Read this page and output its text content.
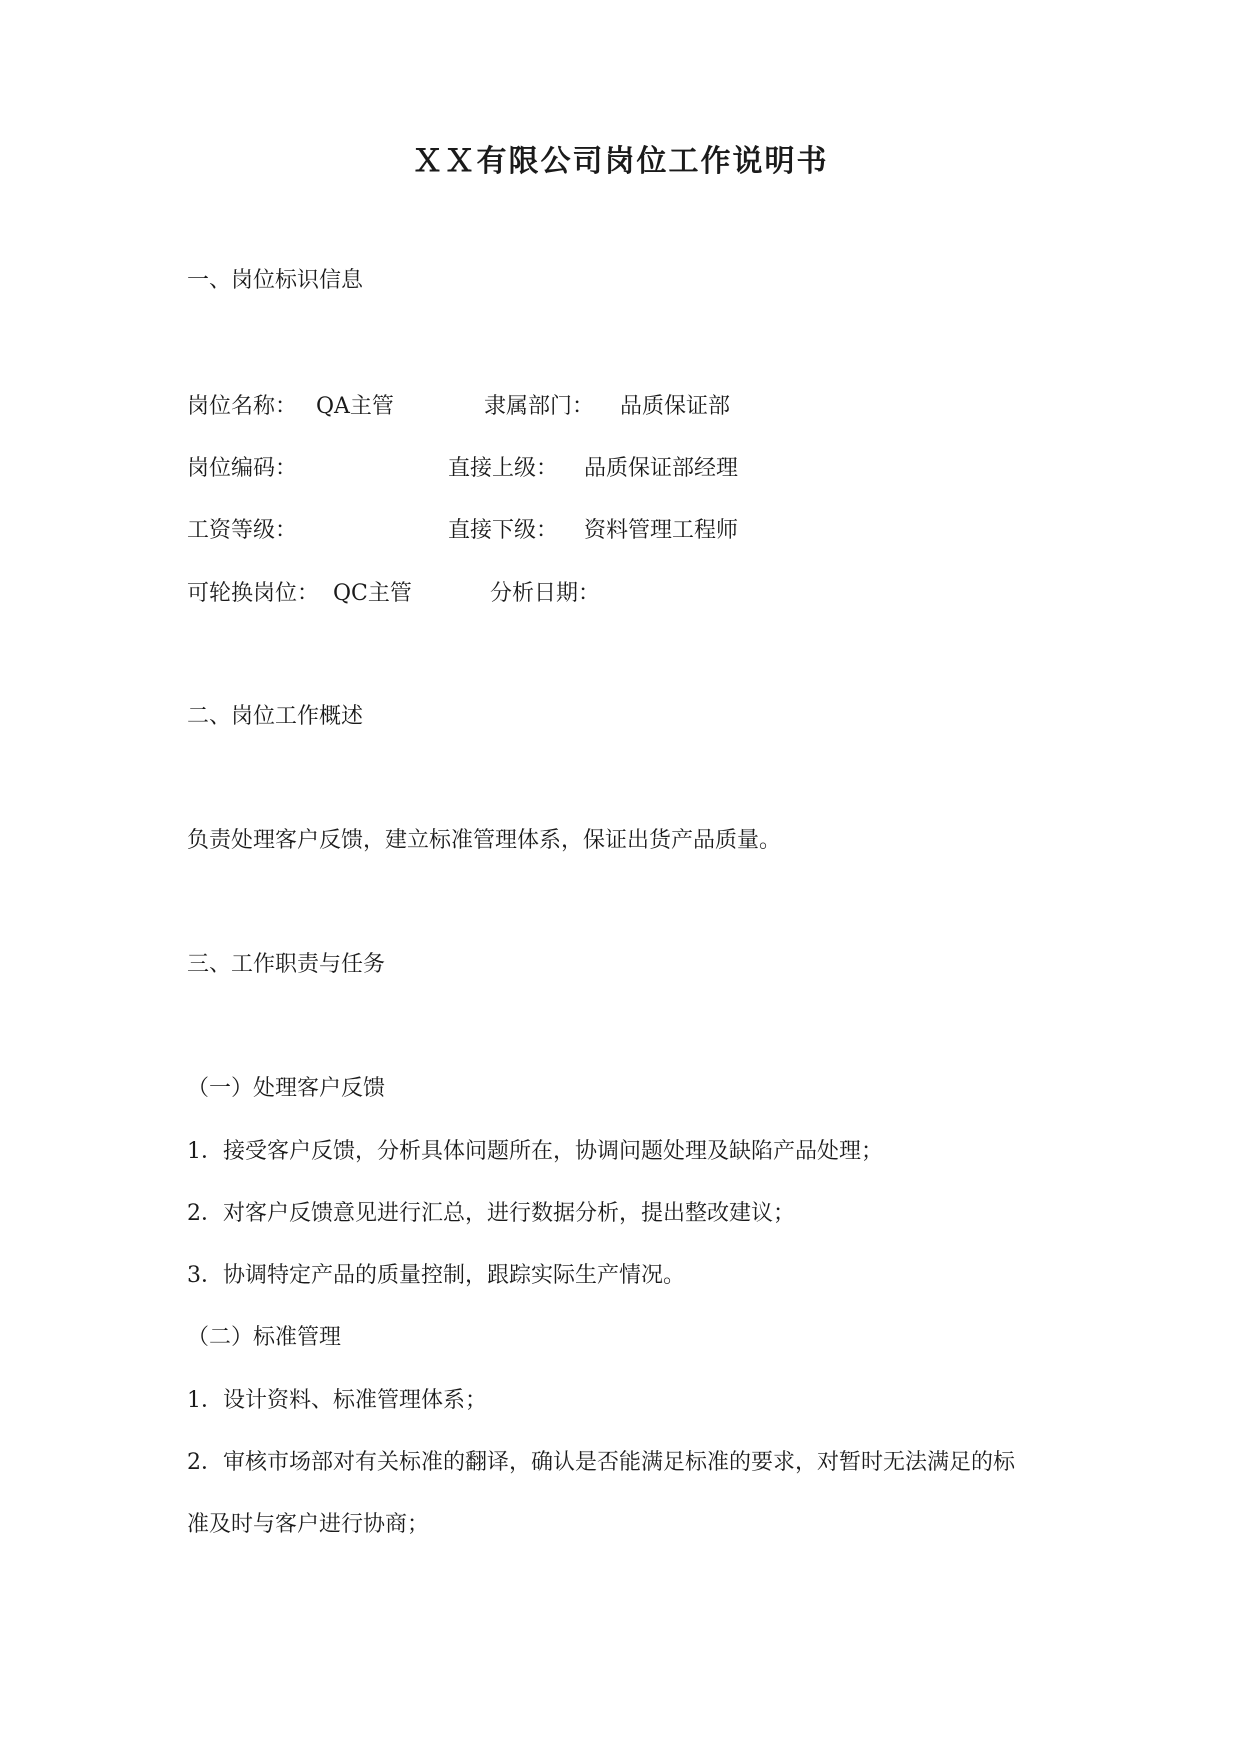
ＸＸ有限公司岗位工作说明书
一、岗位标识信息
岗位名称： QA主管	隶属部门： 品质保证部
岗位编码：	直接上级： 品质保证部经理
工资等级：	直接下级： 资料管理工程师
可轮换岗位： QC主管	分析日期：
二、岗位工作概述
负责处理客户反馈，建立标准管理体系，保证出货产品质量。
三、工作职责与任务
（一）处理客户反馈
1．接受客户反馈，分析具体问题所在，协调问题处理及缺陷产品处理；
2．对客户反馈意见进行汇总，进行数据分析，提出整改建议；
3．协调特定产品的质量控制，跟踪实际生产情况。
（二）标准管理
1．设计资料、标准管理体系；
2．审核市场部对有关标准的翻译，确认是否能满足标准的要求，对暂时无法满足的标
准及时与客户进行协商；
